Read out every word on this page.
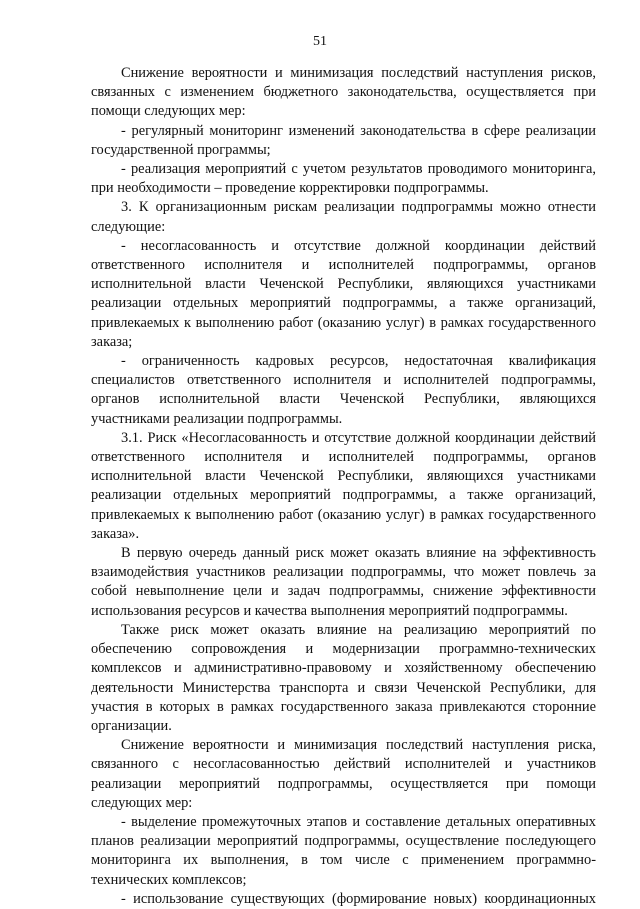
51

Снижение вероятности и минимизация последствий наступления рисков, связанных с изменением бюджетного законодательства, осуществляется при помощи следующих мер:

- регулярный мониторинг изменений законодательства в сфере реализации государственной программы;

- реализация мероприятий с учетом результатов проводимого мониторинга, при необходимости – проведение корректировки подпрограммы.

3. К организационным рискам реализации подпрограммы можно отнести следующие:

- несогласованность и отсутствие должной координации действий ответственного исполнителя и исполнителей подпрограммы, органов исполнительной власти Чеченской Республики, являющихся участниками реализации отдельных мероприятий подпрограммы, а также организаций, привлекаемых к выполнению работ (оказанию услуг) в рамках государственного заказа;

- ограниченность кадровых ресурсов, недостаточная квалификация специалистов ответственного исполнителя и исполнителей подпрограммы, органов исполнительной власти Чеченской Республики, являющихся участниками реализации подпрограммы.

3.1. Риск «Несогласованность и отсутствие должной координации действий ответственного исполнителя и исполнителей подпрограммы, органов исполнительной власти Чеченской Республики, являющихся участниками реализации отдельных мероприятий подпрограммы, а также организаций, привлекаемых к выполнению работ (оказанию услуг) в рамках государственного заказа».

В первую очередь данный риск может оказать влияние на эффективность взаимодействия участников реализации подпрограммы, что может повлечь за собой невыполнение цели и задач подпрограммы, снижение эффективности использования ресурсов и качества выполнения мероприятий подпрограммы.

Также риск может оказать влияние на реализацию мероприятий по обеспечению сопровождения и модернизации программно-технических комплексов и административно-правовому и хозяйственному обеспечению деятельности Министерства транспорта и связи Чеченской Республики, для участия в которых в рамках государственного заказа привлекаются сторонние организации.

Снижение вероятности и минимизация последствий наступления риска, связанного с несогласованностью действий исполнителей и участников реализации мероприятий подпрограммы, осуществляется при помощи следующих мер:

- выделение промежуточных этапов и составление детальных оперативных планов реализации мероприятий подпрограммы, осуществление последующего мониторинга их выполнения, в том числе с применением программно-технических комплексов;

- использование существующих (формирование новых) координационных
